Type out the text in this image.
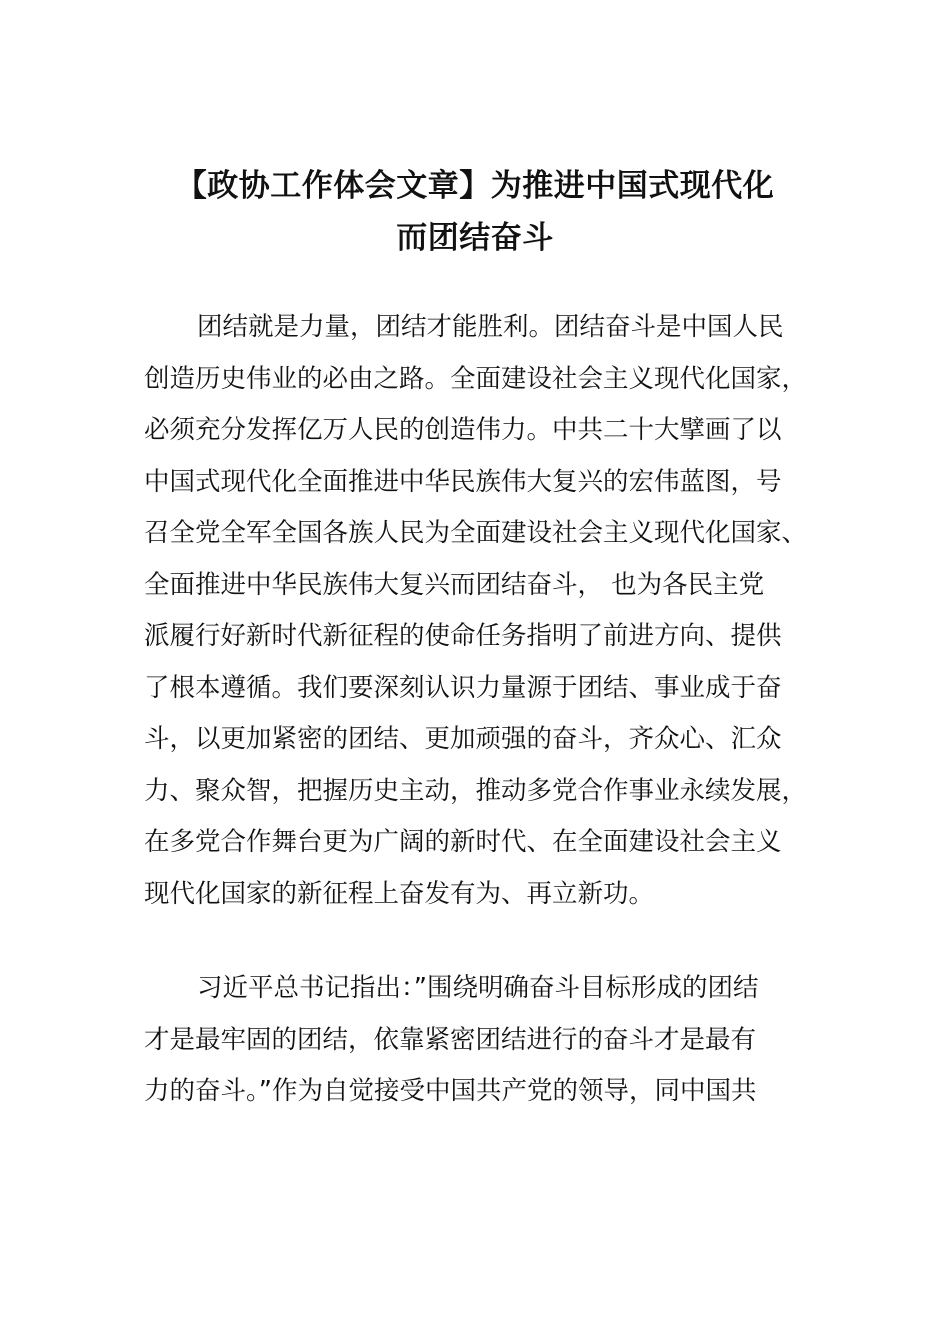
【政协工作体会文章】为推进中国式现代化
而团结奋斗
团结就是力量，团结才能胜利。团结奋斗是中国人民
创造历史伟业的必由之路。全面建设社会主义现代化国家，
必须充分发挥亿万人民的创造伟力。中共二十大擘画了以
中国式现代化全面推进中华民族伟大复兴的宏伟蓝图，号
召全党全军全国各族人民为全面建设社会主义现代化国家、
全面推进中华民族伟大复兴而团结奋斗， 也为各民主党
派履行好新时代新征程的使命任务指明了前进方向、提供
了根本遵循。我们要深刻认识力量源于团结、事业成于奋
斗，以更加紧密的团结、更加顽强的奋斗，齐众心、汇众
力、聚众智，把握历史主动，推动多党合作事业永续发展，
在多党合作舞台更为广阔的新时代、在全面建设社会主义
现代化国家的新征程上奋发有为、再立新功。
习近平总书记指出：”围绕明确奋斗目标形成的团结
才是最牢固的团结，依靠紧密团结进行的奋斗才是最有
力的奋斗。”作为自觉接受中国共产党的领导，同中国共
